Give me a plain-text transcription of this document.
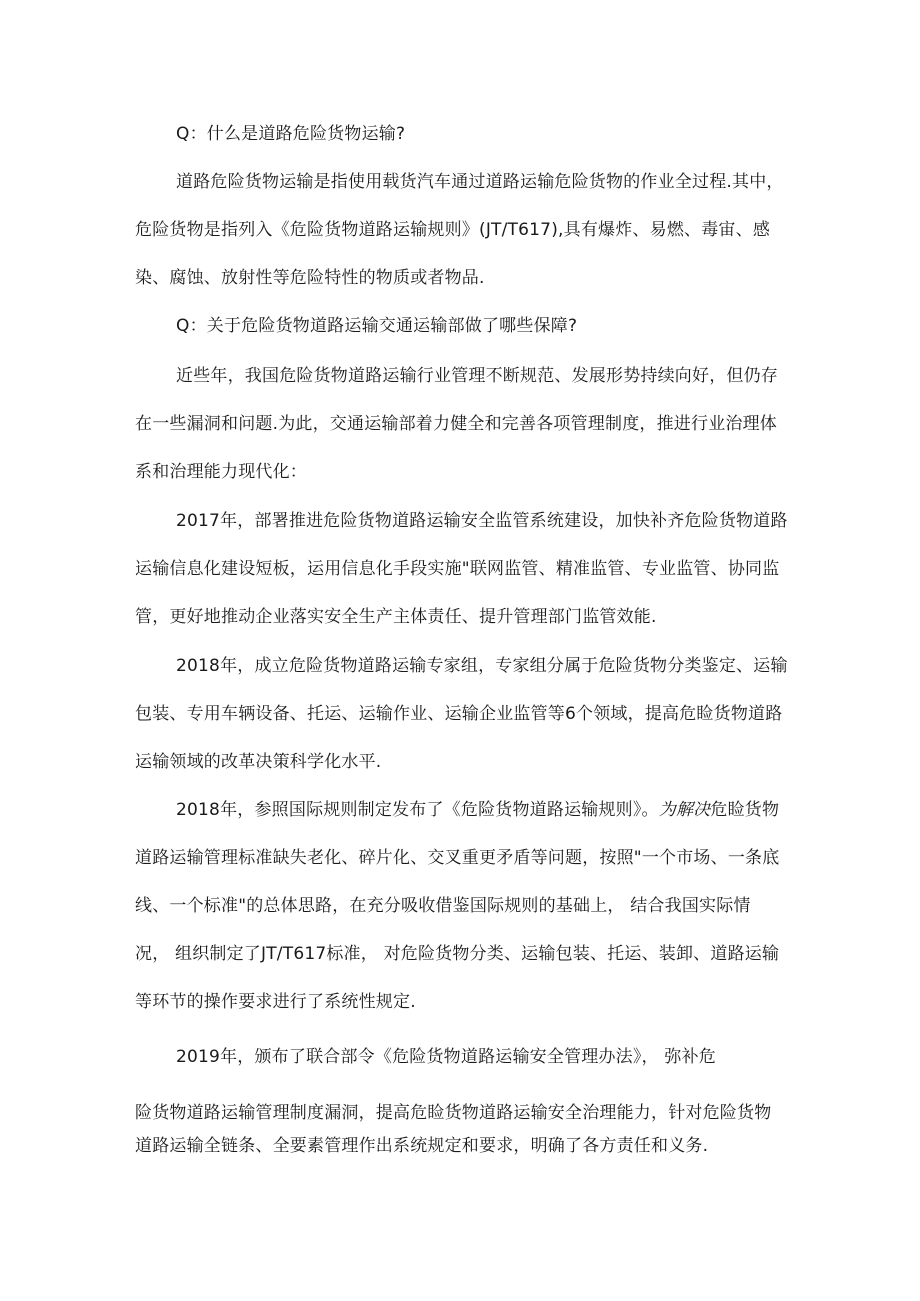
Q：什么是道路危险货物运输?
道路危险货物运输是指使用载货汽车通过道路运输危险货物的作业全过程.其中，
危险货物是指列入《危险货物道路运输规则》(JT/T617),具有爆炸、易燃、毒宙、感
染、腐蚀、放射性等危险特性的物质或者物品.
Q：关于危险货物道路运输交通运输部做了哪些保障?
近些年，我国危险货物道路运输行业管理不断规范、发展形势持续向好，但仍存
在一些漏洞和问题.为此，交通运输部着力健全和完善各项管理制度，推进行业治理体
系和治理能力现代化：
2017年，部署推进危险货物道路运输安全监管系统建设，加快补齐危险货物道路
运输信息化建设短板，运用信息化手段实施"联网监管、精准监管、专业监管、协同监
管，更好地推动企业落实安全生产主体责任、提升管理部门监管效能.
2018年，成立危险货物道路运输专家组，专家组分属于危险货物分类鉴定、运输
包装、专用车辆设备、托运、运输作业、运输企业监管等6个领域，提高危睑货物道路
运输领域的改革决策科学化水平.
2018年，参照国际规则制定发布了《危险货物道路运输规则》。为解决危睑货物
道路运输管理标准缺失老化、碎片化、交叉重更矛盾等问题，按照"一个市场、一条底
线、一个标准"的总体思路，在充分吸收借鉴国际规则的基础上， 结合我国实际情
况， 组织制定了JT/T617标准， 对危险货物分类、运输包装、托运、装卸、道路运输
等环节的操作要求进行了系统性规定.
2019年，颁布了联合部令《危险货物道路运输安全管理办法》， 弥补危
险货物道路运输管理制度漏洞，提高危睑货物道路运输安全治理能力，针对危险货物
道路运输全链条、全要素管理作出系统规定和要求，明确了各方责任和义务.
